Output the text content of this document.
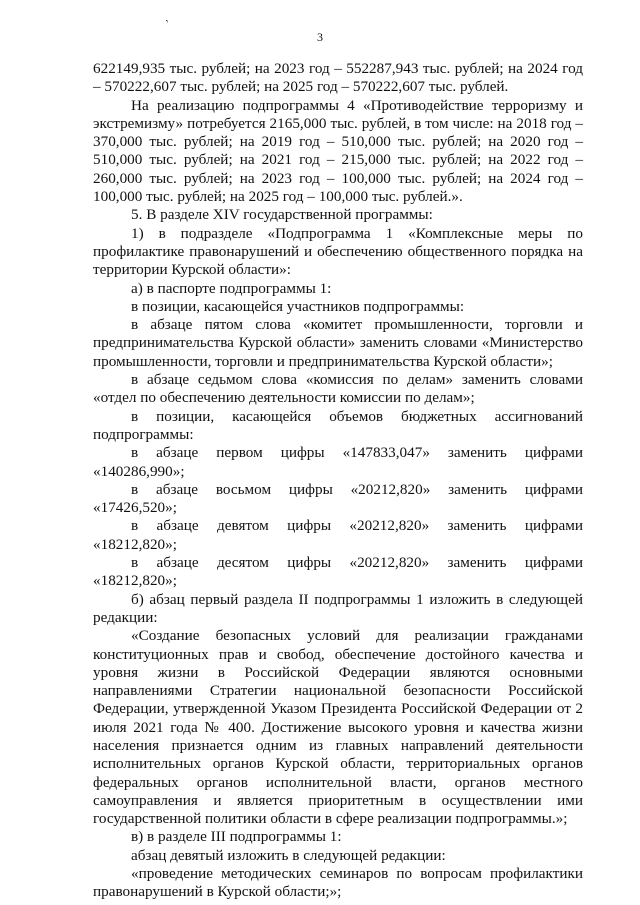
’
3

622149,935 тыс. рублей; на 2023 год – 552287,943 тыс. рублей; на 2024 год – 570222,607 тыс. рублей; на 2025 год – 570222,607 тыс. рублей.

На реализацию подпрограммы 4 «Противодействие терроризму и экстремизму» потребуется 2165,000 тыс. рублей, в том числе: на 2018 год – 370,000 тыс. рублей; на 2019 год – 510,000 тыс. рублей; на 2020 год – 510,000 тыс. рублей; на 2021 год – 215,000 тыс. рублей; на 2022 год – 260,000 тыс. рублей; на 2023 год – 100,000 тыс. рублей; на 2024 год – 100,000 тыс. рублей; на 2025 год – 100,000 тыс. рублей.».

5. В разделе XIV государственной программы:

1) в подразделе «Подпрограмма 1 «Комплексные меры по профилактике правонарушений и обеспечению общественного порядка на территории Курской области»:

а) в паспорте подпрограммы 1:

в позиции, касающейся участников подпрограммы:

в абзаце пятом слова «комитет промышленности, торговли и предпринимательства Курской области» заменить словами «Министерство промышленности, торговли и предпринимательства Курской области»;

в абзаце седьмом слова «комиссия по делам» заменить словами «отдел по обеспечению деятельности комиссии по делам»;

в позиции, касающейся объемов бюджетных ассигнований подпрограммы:

в абзаце первом цифры «147833,047» заменить цифрами «140286,990»;

в абзаце восьмом цифры «20212,820» заменить цифрами «17426,520»;

в абзаце девятом цифры «20212,820» заменить цифрами «18212,820»;

в абзаце десятом цифры «20212,820» заменить цифрами «18212,820»;

б) абзац первый раздела II подпрограммы 1 изложить в следующей редакции:

«Создание безопасных условий для реализации гражданами конституционных прав и свобод, обеспечение достойного качества и уровня жизни в Российской Федерации являются основными направлениями Стратегии национальной безопасности Российской Федерации, утвержденной Указом Президента Российской Федерации от 2 июля 2021 года № 400. Достижение высокого уровня и качества жизни населения признается одним из главных направлений деятельности исполнительных органов Курской области, территориальных органов федеральных органов исполнительной власти, органов местного самоуправления и является приоритетным в осуществлении ими государственной политики области в сфере реализации подпрограммы.»;

в) в разделе III подпрограммы 1:

абзац девятый изложить в следующей редакции:

«проведение методических семинаров по вопросам профилактики правонарушений в Курской области;»;
